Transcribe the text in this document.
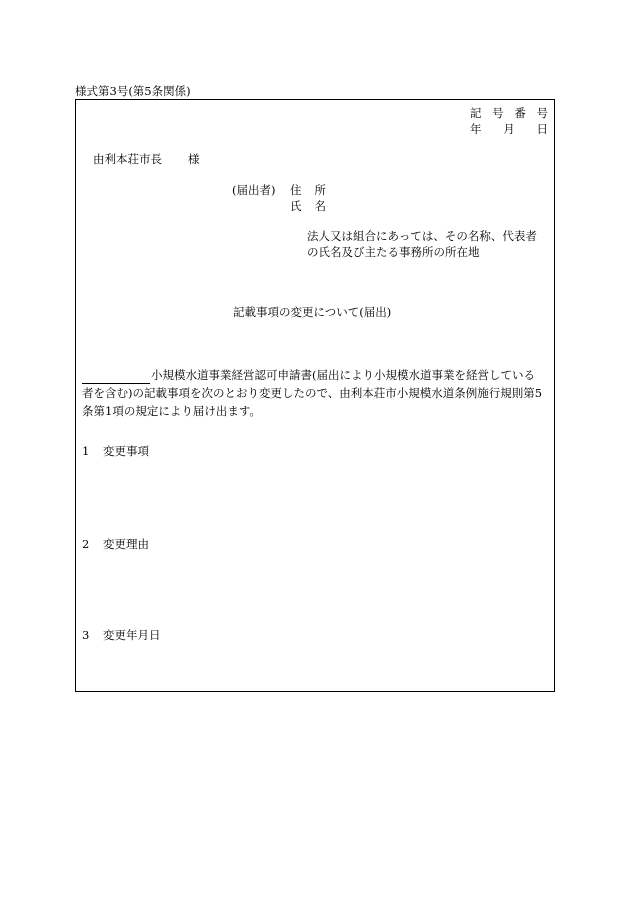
様式第3号(第5条関係)
記 号 番 号
年 月 日
由利本荘市長 様
(届出者) 住 所
氏 名
法人又は組合にあっては、その名称、代表者
の氏名及び主たる事務所の所在地
記載事項の変更について(届出)
小規模水道事業経営認可申請書(届出により小規模水道事業を経営している
者を含む)の記載事項を次のとおり変更したので、由利本荘市小規模水道条例施行規則第5
条第1項の規定により届け出ます。
1 変更事項
2 変更理由
3 変更年月日
